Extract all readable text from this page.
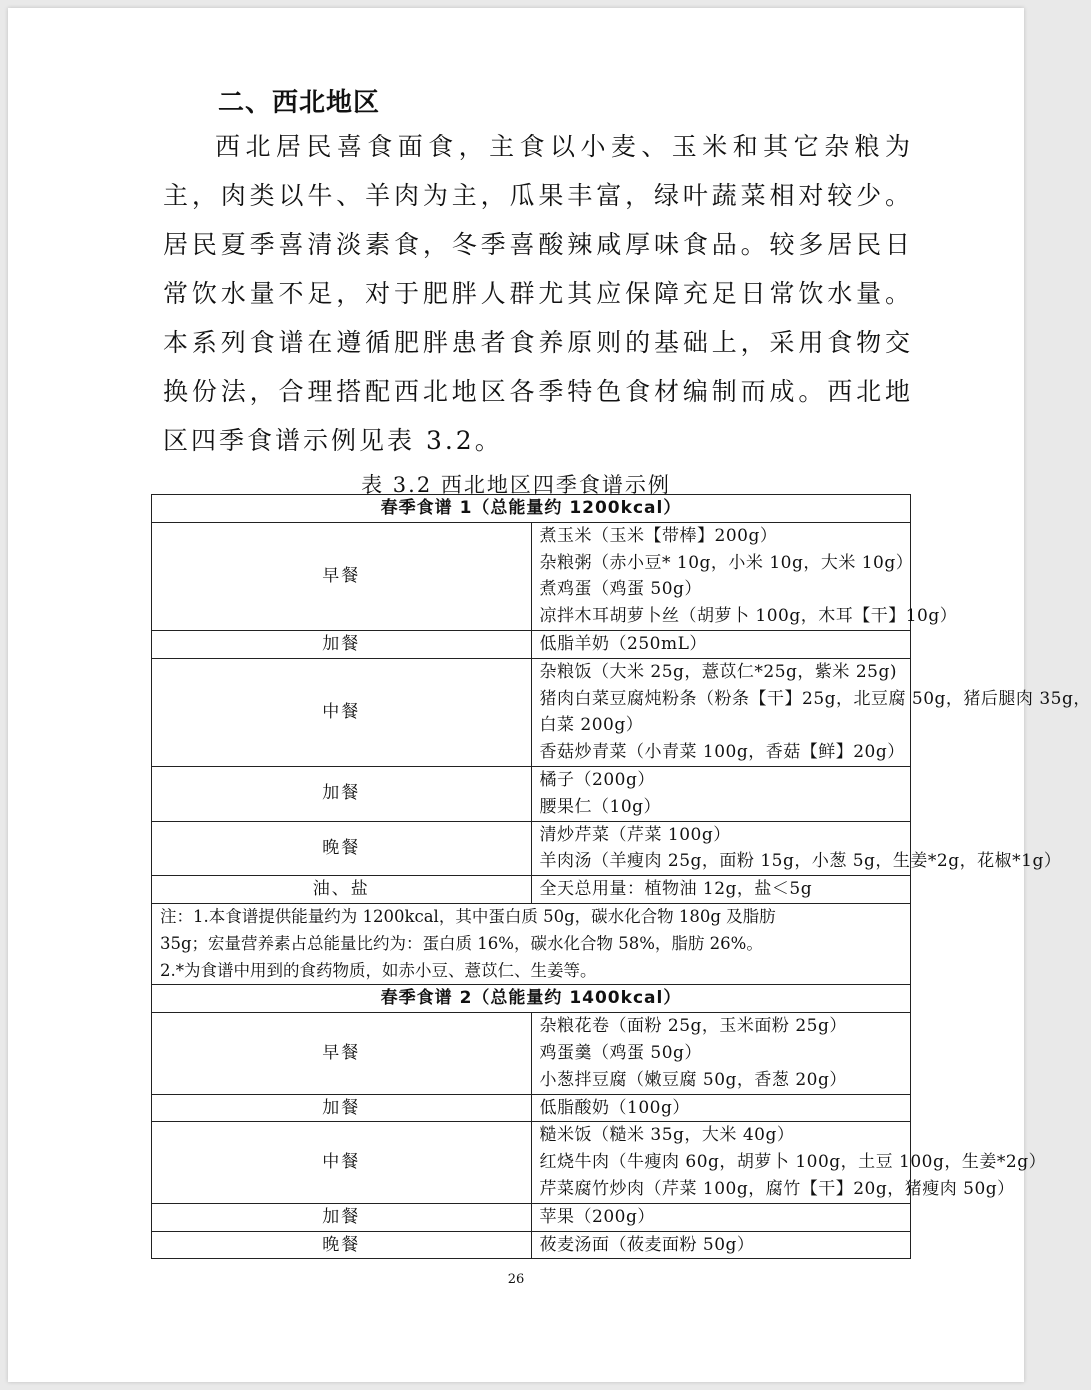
二、西北地区

西北居民喜食面食，主食以小麦、玉米和其它杂粮为主，肉类以牛、羊肉为主，瓜果丰富，绿叶蔬菜相对较少。居民夏季喜清淡素食，冬季喜酸辣咸厚味食品。较多居民日常饮水量不足，对于肥胖人群尤其应保障充足日常饮水量。本系列食谱在遵循肥胖患者食养原则的基础上，采用食物交换份法，合理搭配西北地区各季特色食材编制而成。西北地区四季食谱示例见表 3.2。

表 3.2 西北地区四季食谱示例
春季食谱 1（总能量约 1200kcal）	
早餐	煮玉米（玉米【带棒】200g）
杂粮粥（赤小豆* 10g，小米 10g，大米 10g）
煮鸡蛋（鸡蛋 50g）
凉拌木耳胡萝卜丝（胡萝卜 100g，木耳【干】10g）

加餐	低脂羊奶（250mL）

中餐	杂粮饭（大米 25g，薏苡仁*25g，紫米 25g)
猪肉白菜豆腐炖粉条（粉条【干】25g，北豆腐 50g，猪后腿肉 35g，
白菜 200g）
香菇炒青菜（小青菜 100g，香菇【鲜】20g）

加餐	橘子（200g）
腰果仁（10g）

晚餐	清炒芹菜（芹菜 100g）
羊肉汤（羊瘦肉 25g，面粉 15g，小葱 5g，生姜*2g，花椒*1g）

油、盐	全天总用量：植物油 12g，盐＜5g

注：1.本食谱提供能量约为 1200kcal，其中蛋白质 50g，碳水化合物 180g 及脂肪
35g；宏量营养素占总能量比约为：蛋白质 16%，碳水化合物 58%，脂肪 26%。
2.*为食谱中用到的食药物质，如赤小豆、薏苡仁、生姜等。	

春季食谱 2（总能量约 1400kcal）	
早餐	杂粮花卷（面粉 25g，玉米面粉 25g）
鸡蛋羹（鸡蛋 50g）
小葱拌豆腐（嫩豆腐 50g，香葱 20g）

加餐	低脂酸奶（100g）

中餐	糙米饭（糙米 35g，大米 40g）
红烧牛肉（牛瘦肉 60g，胡萝卜 100g，土豆 100g，生姜*2g）
芹菜腐竹炒肉（芹菜 100g，腐竹【干】20g，猪瘦肉 50g）

加餐	苹果（200g）

晚餐	莜麦汤面（莜麦面粉 50g）
26
